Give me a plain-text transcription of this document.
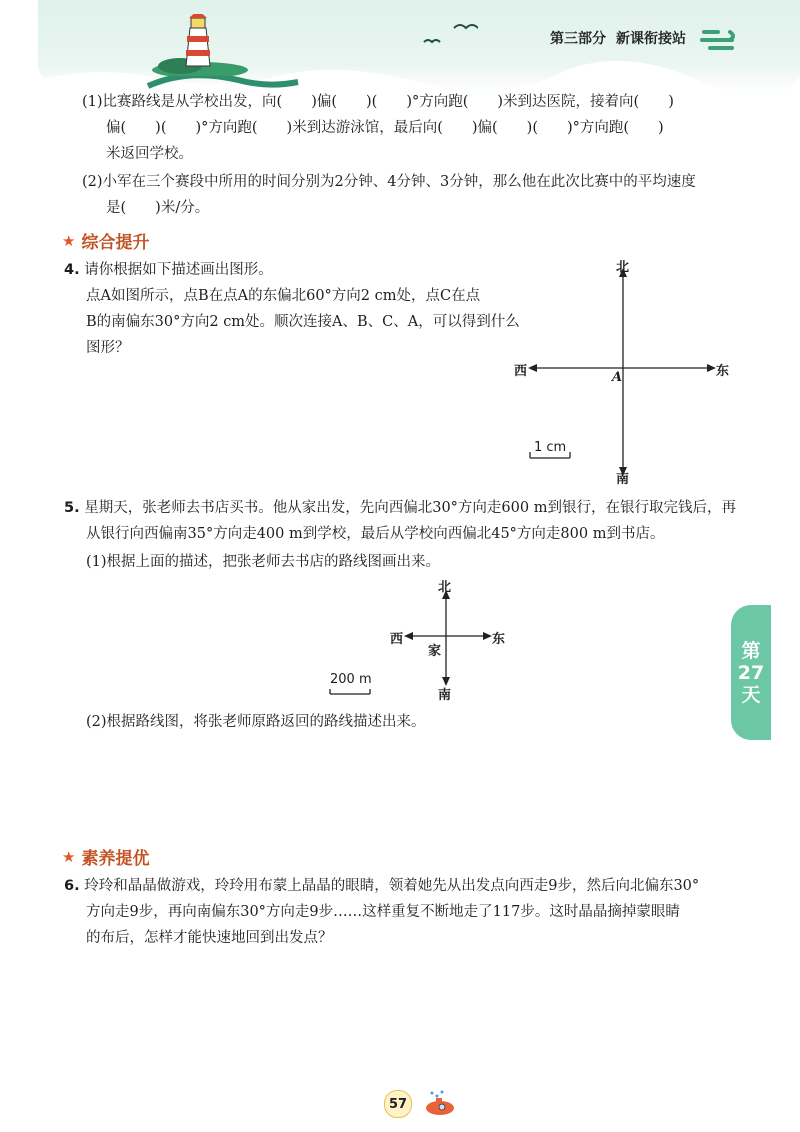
第三部分 新课衔接站
(1)比赛路线是从学校出发，向(　　)偏(　　)(　　)°方向跑(　　)米到达医院，接着向(　　)
偏(　　)(　　)°方向跑(　　)米到达游泳馆，最后向(　　)偏(　　)(　　)°方向跑(　　)
米返回学校。
(2)小军在三个赛段中所用的时间分别为2分钟、4分钟、3分钟，那么他在此次比赛中的平均速度
是(　　)米/分。
★ 综合提升
4. 请你根据如下描述画出图形。
点A如图所示，点B在点A的东偏北60°方向2 cm处，点C在点
B的南偏东30°方向2 cm处。顺次连接A、B、C、A，可以得到什么
图形？
北
南
西	东
A
1 cm
5. 星期天，张老师去书店买书。他从家出发，先向西偏北30°方向走600 m到银行，在银行取完钱后，再
从银行向西偏南35°方向走400 m到学校，最后从学校向西偏北45°方向走800 m到书店。
(1)根据上面的描述，把张老师去书店的路线图画出来。
北
南
西	东
家
200 m
(2)根据路线图，将张老师原路返回的路线描述出来。
★ 素养提优
6. 玲玲和晶晶做游戏，玲玲用布蒙上晶晶的眼睛，领着她先从出发点向西走9步，然后向北偏东30°
方向走9步，再向南偏东30°方向走9步……这样重复不断地走了117步。这时晶晶摘掉蒙眼睛
的布后，怎样才能快速地回到出发点？
第
27
天
57
